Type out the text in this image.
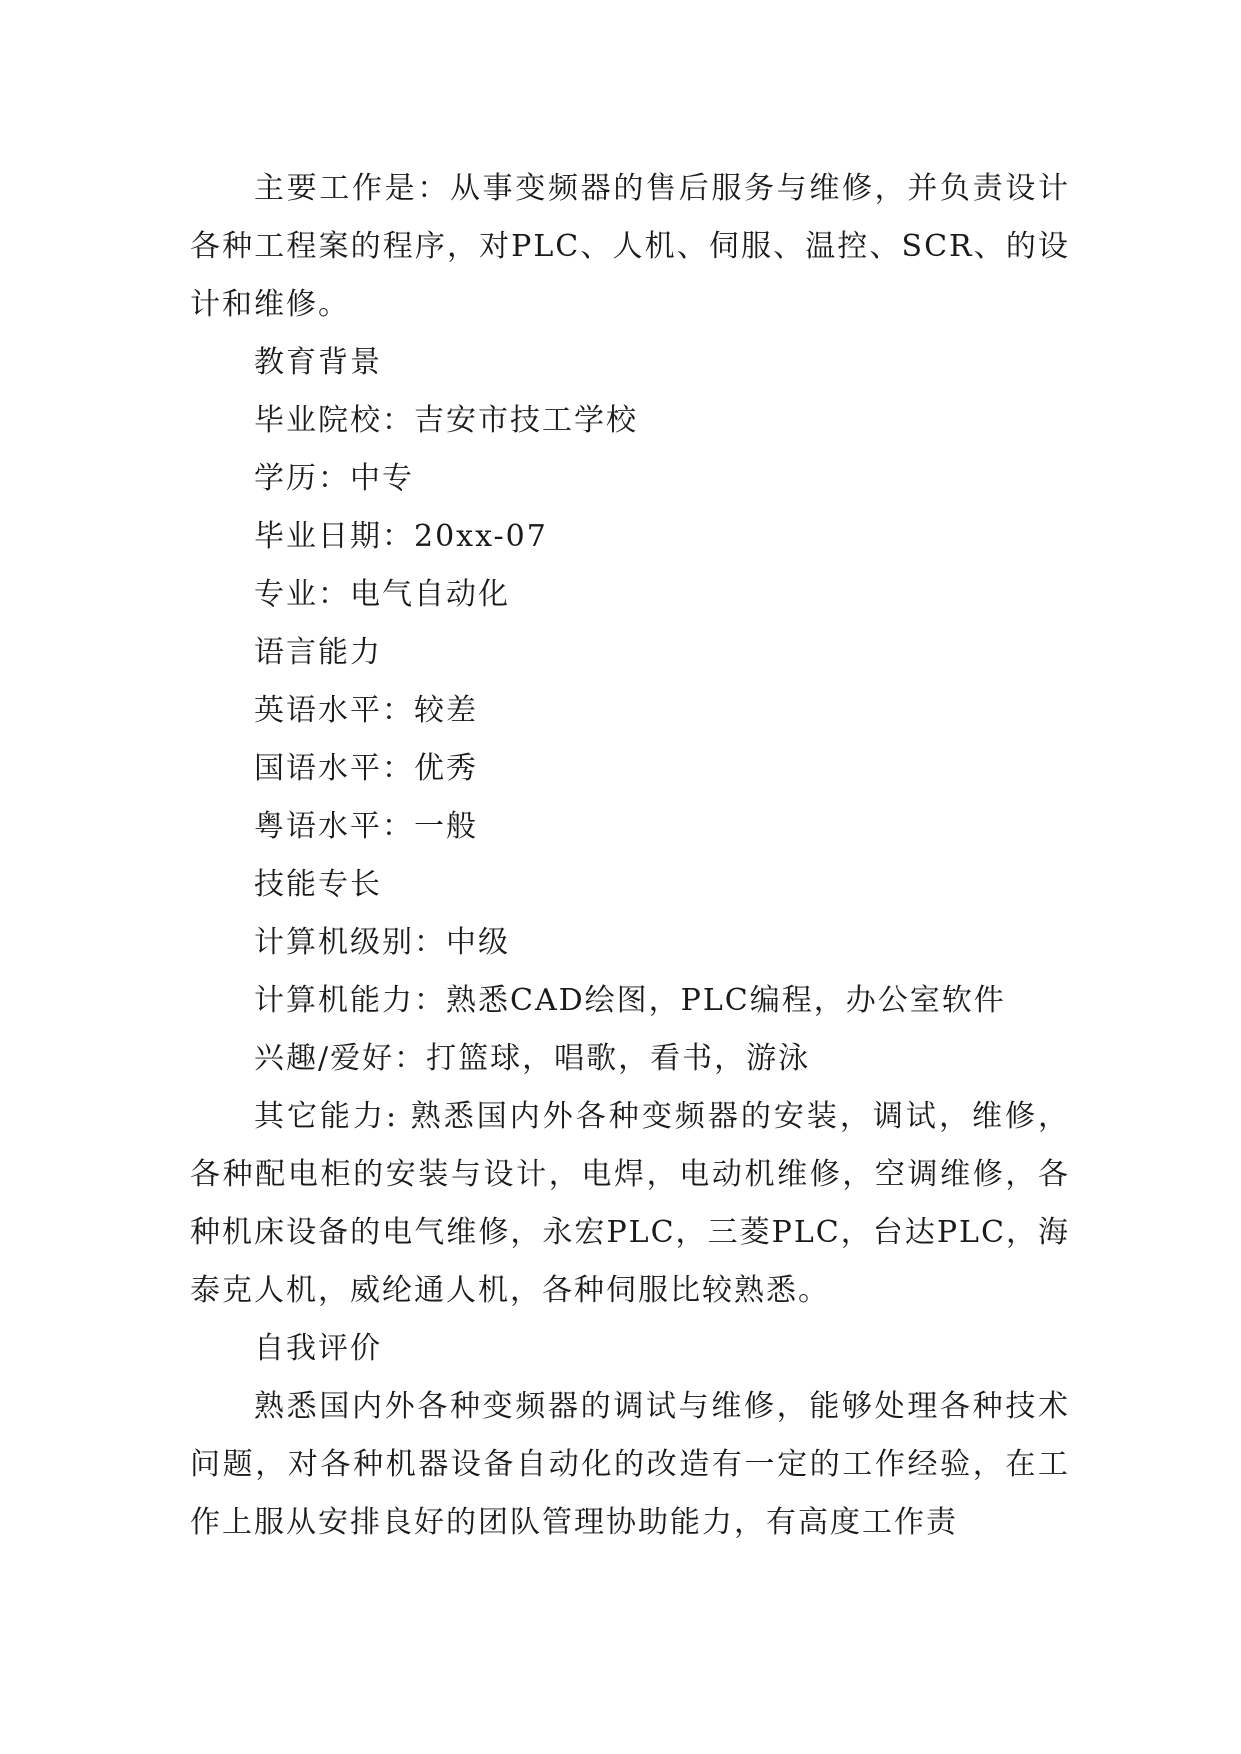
主要工作是：从事变频器的售后服务与维修，并负责设计各种工程案的程序，对PLC、人机、伺服、温控、SCR、的设计和维修。

教育背景

毕业院校：吉安市技工学校

学历：中专

毕业日期：20xx-07

专业：电气自动化

语言能力

英语水平：较差

国语水平：优秀

粤语水平：一般

技能专长

计算机级别：中级

计算机能力：熟悉CAD绘图，PLC编程，办公室软件

兴趣/爱好：打篮球，唱歌，看书，游泳

其它能力: 熟悉国内外各种变频器的安装，调试，维修，各种配电柜的安装与设计，电焊，电动机维修，空调维修，各种机床设备的电气维修，永宏PLC，三菱PLC，台达PLC，海泰克人机，威纶通人机，各种伺服比较熟悉。

自我评价

熟悉国内外各种变频器的调试与维修，能够处理各种技术问题，对各种机器设备自动化的改造有一定的工作经验，在工作上服从安排良好的团队管理协助能力，有高度工作责
